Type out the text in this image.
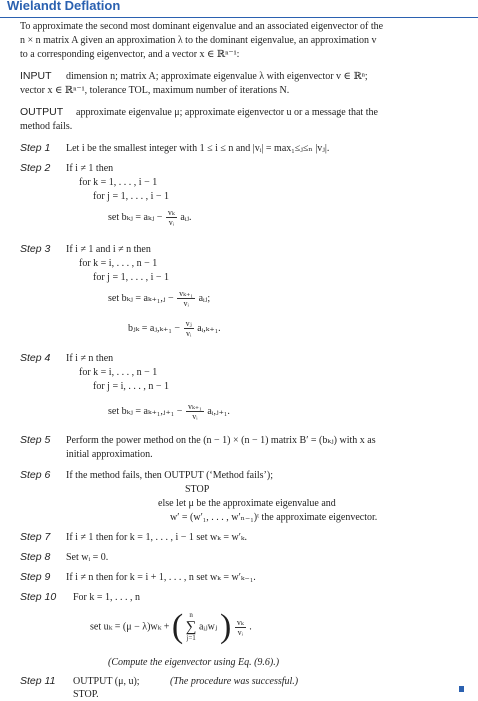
Wielandt Deflation
To approximate the second most dominant eigenvalue and an associated eigenvector of the
n × n matrix A given an approximation λ to the dominant eigenvalue, an approximation v
to a corresponding eigenvector, and a vector x ∈ ℝⁿ⁻¹:
INPUT dimension n; matrix A; approximate eigenvalue λ with eigenvector v ∈ ℝⁿ;
vector x ∈ ℝⁿ⁻¹, tolerance TOL, maximum number of iterations N.
OUTPUT approximate eigenvalue μ; approximate eigenvector u or a message that the
method fails.
Step 1 Let i be the smallest integer with 1 ≤ i ≤ n and |vᵢ| = max₁≤ⱼ≤ₙ |vⱼ|.
Step 2 If i ≠ 1 then
for k = 1, . . . , i − 1
for j = 1, . . . , i − 1
set bₖⱼ = aₖⱼ − $\frac{\text{vₖ}}{\text{vᵢ}}$ aᵢⱼ.
Step 3 If i ≠ 1 and i ≠ n then
for k = i, . . . , n − 1
for j = 1, . . . , i − 1
set bₖⱼ = aₖ₊₁,ⱼ − $\frac{\text{vₖ₊₁}}{\text{vᵢ}}$ aᵢⱼ;
bⱼₖ = aⱼ,ₖ₊₁ − $\frac{\text{vⱼ}}{\text{vᵢ}}$ aᵢ,ₖ₊₁.
Step 4 If i ≠ n then
for k = i, . . . , n − 1
for j = i, . . . , n − 1
set bₖⱼ = aₖ₊₁,ⱼ₊₁ − $\frac{\text{vₖ₊₁}}{\text{vᵢ}}$ aᵢ,ⱼ₊₁.
Step 5 Perform the power method on the (n − 1) × (n − 1) matrix B′ = (bₖⱼ) with x as
initial approximation.
Step 6 If the method fails, then OUTPUT (‘Method fails’);
STOP
else let μ be the approximate eigenvalue and
w′ = (w′₁, . . . , w′ₙ₋₁)ᵗ the approximate eigenvector.
Step 7 If i ≠ 1 then for k = 1, . . . , i − 1 set wₖ = w′ₖ.
Step 8 Set wᵢ = 0.
Step 9 If i ≠ n then for k = i + 1, . . . , n set wₖ = w′ₖ₋₁.
Step 10 For k = 1, . . . , n
set uₖ = (μ − λ)wₖ + ( n
∑
j=1
aᵢⱼwⱼ ) $\frac{\text{vₖ}}{\text{vᵢ}}$ .
(Compute the eigenvector using Eq. (9.6).)
Step 11 OUTPUT (μ, u);	(The procedure was successful.)
STOP.
